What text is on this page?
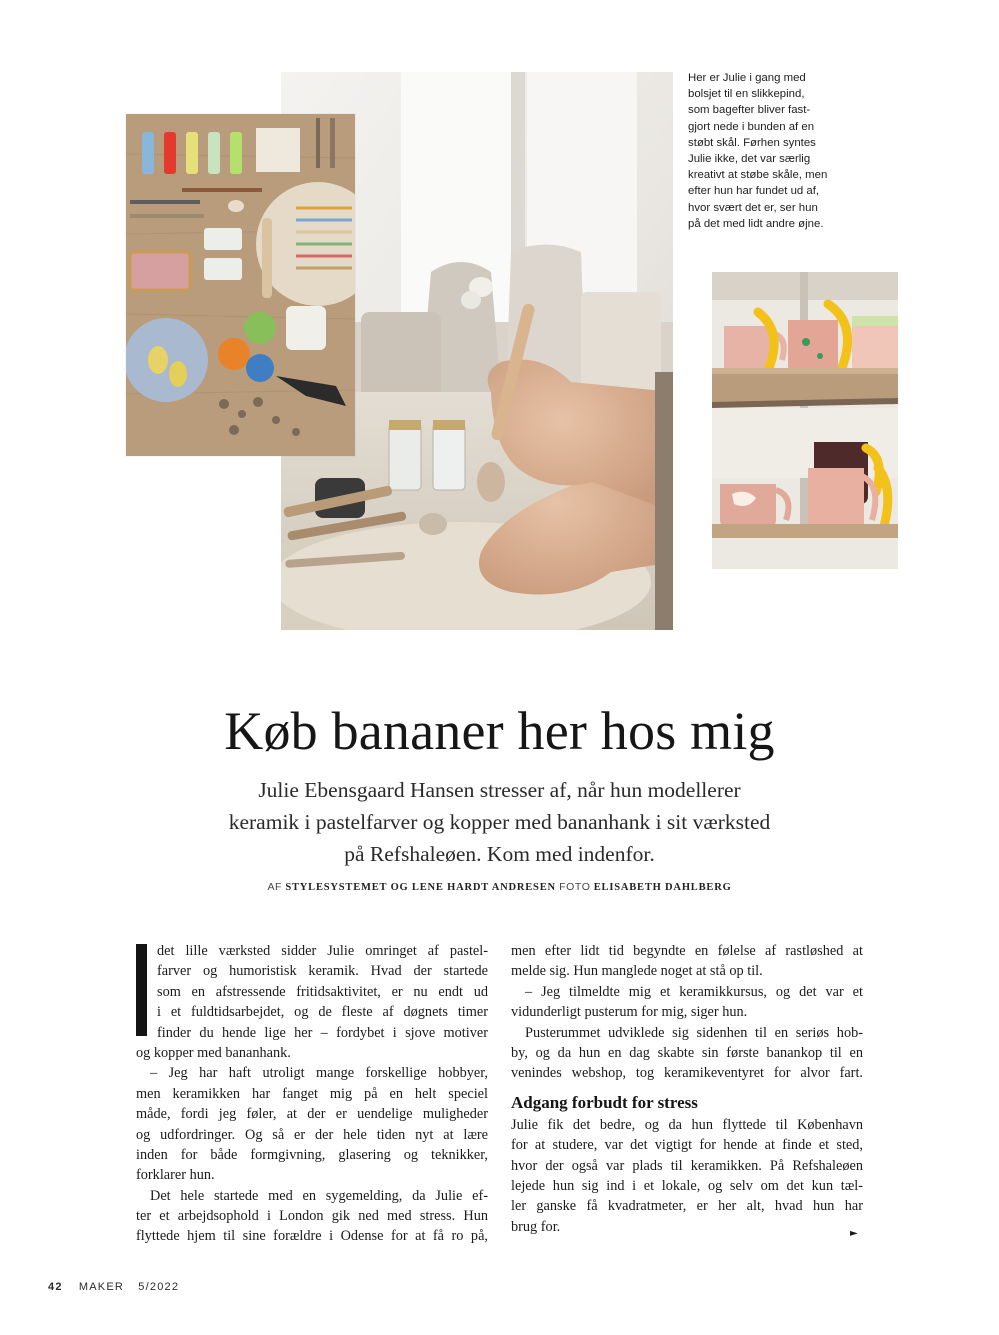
Her er Julie i gang med
bolsjet til en slikkepind,
som bagefter bliver fast-
gjort nede i bunden af en
støbt skål. Førhen syntes
Julie ikke, det var særlig
kreativt at støbe skåle, men
efter hun har fundet ud af,
hvor svært det er, ser hun
på det med lidt andre øjne.
Køb bananer her hos mig
Julie Ebensgaard Hansen stresser af, når hun modellerer
keramik i pastelfarver og kopper med bananhank i sit værksted
på Refshaleøen. Kom med indenfor.
AF STYLESYSTEMET OG LENE HARDT ANDRESEN FOTO ELISABETH DAHLBERG
det lille værksted sidder Julie omringet af pastel-
farver og humoristisk keramik. Hvad der startede
som en afstressende fritidsaktivitet, er nu endt ud
i et fuldtidsarbejdet, og de fleste af døgnets timer
finder du hende lige her – fordybet i sjove motiver
og kopper med bananhank.
– Jeg har haft utroligt mange forskellige hobbyer,
men keramikken har fanget mig på en helt speciel
måde, fordi jeg føler, at der er uendelige muligheder
og udfordringer. Og så er der hele tiden nyt at lære
inden for både formgivning, glasering og teknikker,
forklarer hun.
Det hele startede med en sygemelding, da Julie ef-
ter et arbejdsophold i London gik ned med stress. Hun
flyttede hjem til sine forældre i Odense for at få ro på,
men efter lidt tid begyndte en følelse af rastløshed at
melde sig. Hun manglede noget at stå op til.
– Jeg tilmeldte mig et keramikkursus, og det var et
vidunderligt pusterum for mig, siger hun.
Pusterummet udviklede sig sidenhen til en seriøs hob-
by, og da hun en dag skabte sin første banankop til en
venindes webshop, tog keramikeventyret for alvor fart.
Adgang forbudt for stress
Julie fik det bedre, og da hun flyttede til København
for at studere, var det vigtigt for hende at finde et sted,
hvor der også var plads til keramikken. På Refshaleøen
lejede hun sig ind i et lokale, og selv om det kun tæl-
ler ganske få kvadratmeter, er her alt, hvad hun har
brug for.	►
42 MAKER 5/2022
